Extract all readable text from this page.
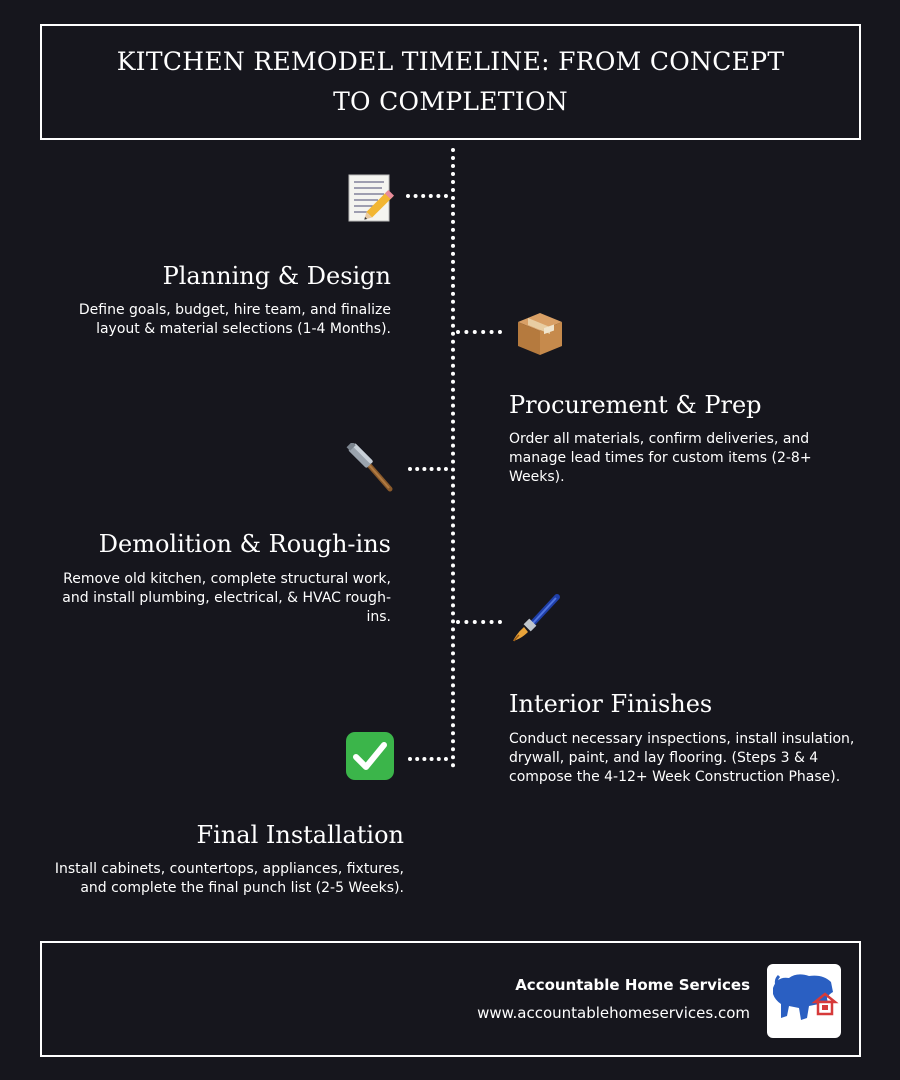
KITCHEN REMODEL TIMELINE: FROM CONCEPT TO COMPLETION
Planning & Design
Define goals, budget, hire team, and finalize layout & material selections (1-4 Months).
Procurement & Prep
Order all materials, confirm deliveries, and manage lead times for custom items (2-8+ Weeks).
Demolition & Rough-ins
Remove old kitchen, complete structural work, and install plumbing, electrical, & HVAC rough-ins.
Interior Finishes
Conduct necessary inspections, install insulation, drywall, paint, and lay flooring. (Steps 3 & 4 compose the 4-12+ Week Construction Phase).
Final Installation
Install cabinets, countertops, appliances, fixtures, and complete the final punch list (2-5 Weeks).
Accountable Home Services
www.accountablehomeservices.com
